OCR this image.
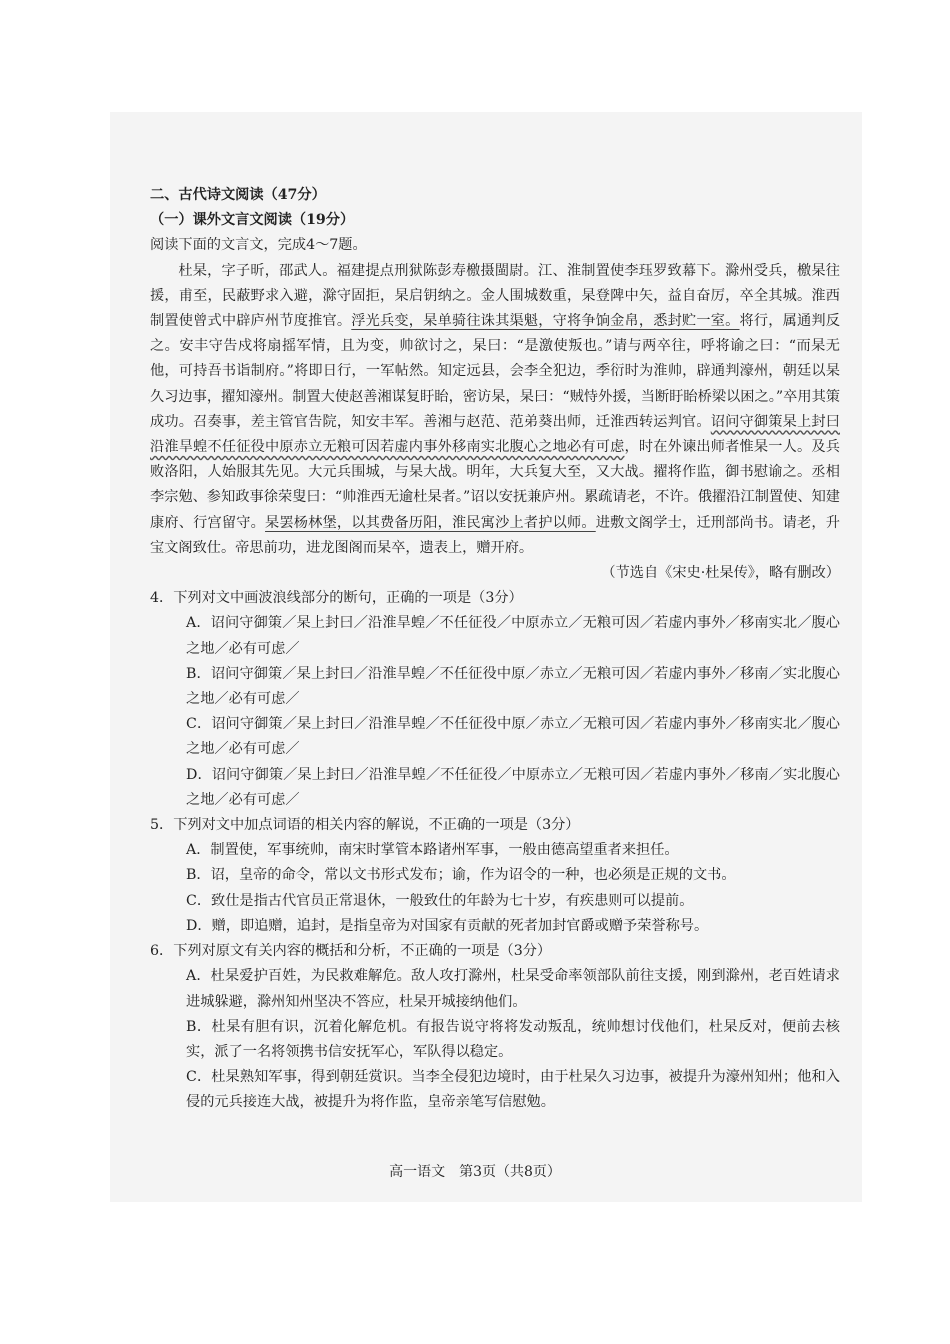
二、古代诗文阅读（47分）

（一）课外文言文阅读（19分）

阅读下面的文言文，完成4～7题。

杜杲，字子昕，邵武人。福建提点刑狱陈彭寿檄摄閩尉。江、淮制置使李珏罗致幕下。滁州受兵，檄杲往援，甫至，民蔽野求入避，滁守固拒，杲启钥纳之。金人围城数重，杲登陴中矢，益自奋厉，卒全其城。淮西制置使曾式中辟庐州节度推官。浮光兵变，杲单骑往诛其渠魁，守将争饷金帛，悉封贮一室。将行，属通判反之。安丰守告戍将扇摇军情，且为变，帅欲讨之，杲曰：“是激使叛也。”请与两卒往，呼将谕之曰：“而杲无他，可持吾书诣制府。”将即日行，一军帖然。知定远县，会李全犯边，季衍时为淮帅，辟通判濠州，朝廷以杲久习边事，擢知濠州。制置大使赵善湘谋复盱眙，密访杲，杲曰：“贼恃外援，当断盱眙桥梁以困之。”卒用其策成功。召奏事，差主管官告院，知安丰军。善湘与赵范、范弟葵出师，迁淮西转运判官。诏问守御策杲上封曰沿淮旱蝗不任征役中原赤立无粮可因若虚内事外移南实北腹心之地必有可虑，时在外谏出师者惟杲一人。及兵败洛阳，人始服其先见。大元兵围城，与杲大战。明年，大兵复大至，又大战。擢将作监，御书慰谕之。丞相李宗勉、参知政事徐荣叟曰：“帅淮西无逾杜杲者。”诏以安抚兼庐州。累疏请老，不许。俄擢沿江制置使、知建康府、行宫留守。杲罢杨林堡，以其费备历阳，淮民寓沙上者护以师。进敷文阁学士，迁刑部尚书。请老，升宝文阁致仕。帝思前功，进龙图阁而杲卒，遗表上，赠开府。

（节选自《宋史·杜杲传》，略有删改）

4．下列对文中画波浪线部分的断句，正确的一项是（3分）

A．诏问守御策／杲上封曰／沿淮旱蝗／不任征役／中原赤立／无粮可因／若虚内事外／移南实北／腹心之地／必有可虑／

B．诏问守御策／杲上封曰／沿淮旱蝗／不任征役中原／赤立／无粮可因／若虚内事外／移南／实北腹心之地／必有可虑／

C．诏问守御策／杲上封曰／沿淮旱蝗／不任征役中原／赤立／无粮可因／若虚内事外／移南实北／腹心之地／必有可虑／

D．诏问守御策／杲上封曰／沿淮旱蝗／不任征役／中原赤立／无粮可因／若虚内事外／移南／实北腹心之地／必有可虑／

5．下列对文中加点词语的相关内容的解说，不正确的一项是（3分）

A．制置使，军事统帅，南宋时掌管本路诸州军事，一般由德高望重者来担任。

B．诏，皇帝的命令，常以文书形式发布；谕，作为诏令的一种，也必须是正规的文书。

C．致仕是指古代官员正常退休，一般致仕的年龄为七十岁，有疾患则可以提前。

D．赠，即追赠，追封，是指皇帝为对国家有贡献的死者加封官爵或赠予荣誉称号。

6．下列对原文有关内容的概括和分析，不正确的一项是（3分）

A．杜杲爱护百姓，为民救难解危。敌人攻打滁州，杜杲受命率领部队前往支援，刚到滁州，老百姓请求进城躲避，滁州知州坚决不答应，杜杲开城接纳他们。

B．杜杲有胆有识，沉着化解危机。有报告说守将将发动叛乱，统帅想讨伐他们，杜杲反对，便前去核实，派了一名将领携书信安抚军心，军队得以稳定。

C．杜杲熟知军事，得到朝廷赏识。当李全侵犯边境时，由于杜杲久习边事，被提升为濠州知州；他和入侵的元兵接连大战，被提升为将作监，皇帝亲笔写信慰勉。

高一语文　第3页（共8页）
